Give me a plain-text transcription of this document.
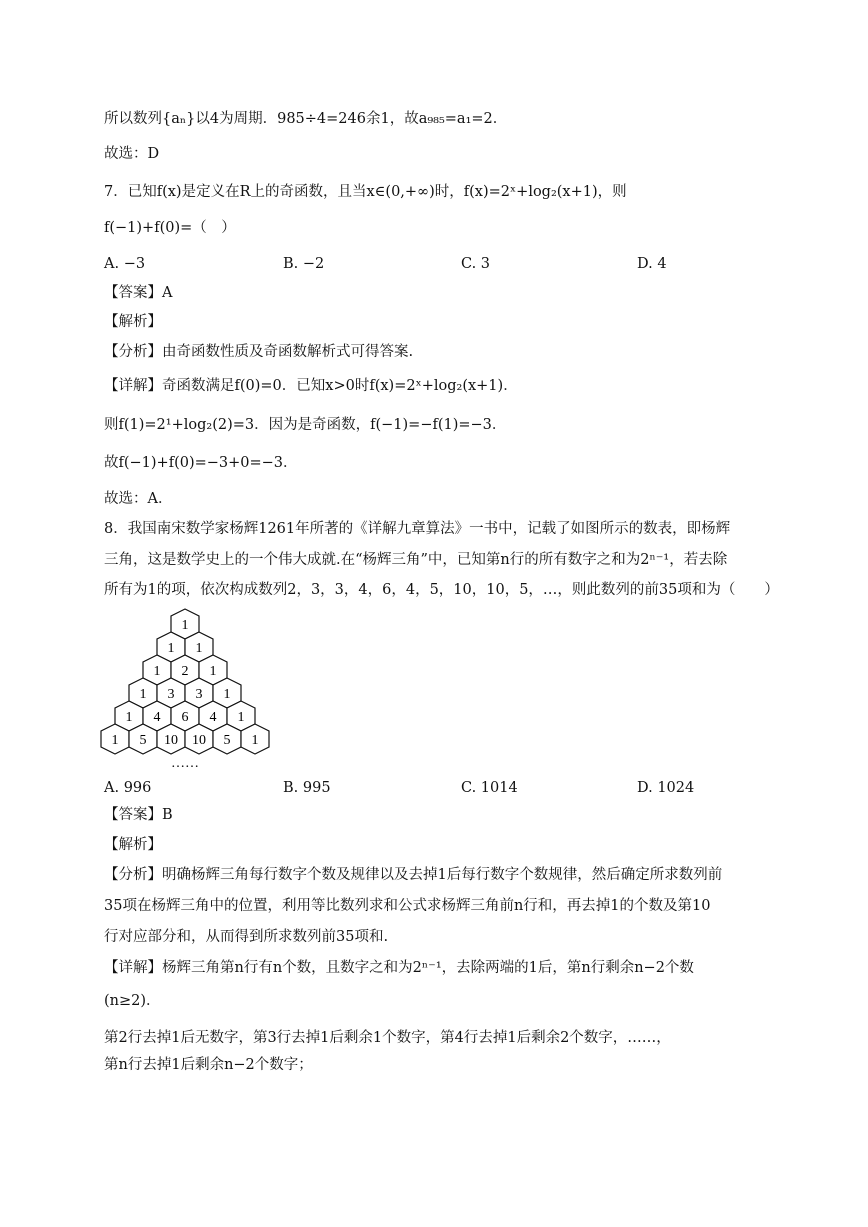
所以数列{aₙ}以4为周期．985÷4=246余1，故a₉₈₅=a₁=2．
故选：D
7．已知f(x)是定义在R上的奇函数，且当x∈(0,+∞)时，f(x)=2ˣ+log₂(x+1)，则
f(−1)+f(0)=（　）
A. −3	B. −2	C. 3	D. 4
【答案】A
【解析】
【分析】由奇函数性质及奇函数解析式可得答案.
【详解】奇函数满足f(0)=0．已知x>0时f(x)=2ˣ+log₂(x+1)．
则f(1)=2¹+log₂(2)=3．因为是奇函数，f(−1)=−f(1)=−3．
故f(−1)+f(0)=−3+0=−3．
故选：A．
8．我国南宋数学家杨辉1261年所著的《详解九章算法》一书中，记载了如图所示的数表，即杨辉
三角，这是数学史上的一个伟大成就.在“杨辉三角”中，已知第n行的所有数字之和为2ⁿ⁻¹，若去除
所有为1的项，依次构成数列2，3，3，4，6，4，5，10，10，5，…，则此数列的前35项和为（　　）
1
1 1
1 2 1
1 3 3 1
1 4 6 4 1
1 5 10 10 5 1
……
A. 996	B. 995	C. 1014	D. 1024
【答案】B
【解析】
【分析】明确杨辉三角每行数字个数及规律以及去掉1后每行数字个数规律，然后确定所求数列前
35项在杨辉三角中的位置，利用等比数列求和公式求杨辉三角前n行和，再去掉1的个数及第10
行对应部分和，从而得到所求数列前35项和.
【详解】杨辉三角第n行有n个数，且数字之和为2ⁿ⁻¹，去除两端的1后，第n行剩余n−2个数
(n≥2)．
第2行去掉1后无数字，第3行去掉1后剩余1个数字，第4行去掉1后剩余2个数字，……，
第n行去掉1后剩余n−2个数字；
